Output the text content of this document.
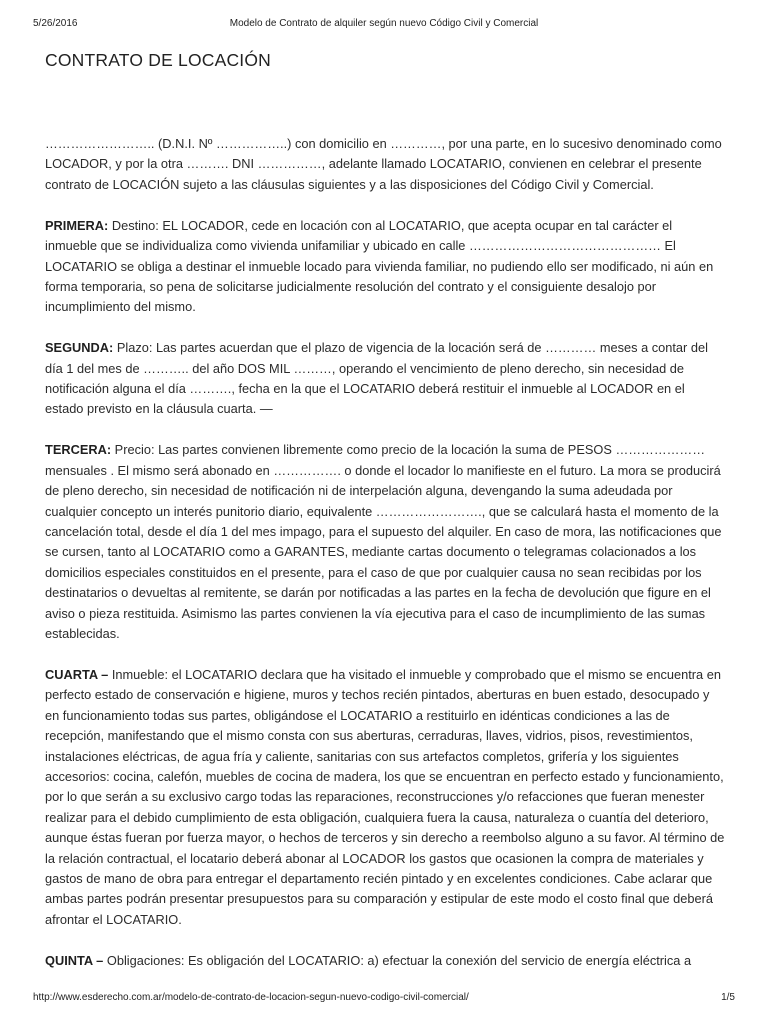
5/26/2016	Modelo de Contrato de alquiler según nuevo Código Civil y Comercial
CONTRATO DE LOCACIÓN

…………………….. (D.N.I. Nº ……………..) con domicilio en …………, por una parte, en lo sucesivo denominado como LOCADOR, y por la otra ………. DNI ……………, adelante llamado LOCATARIO, convienen en celebrar el presente contrato de LOCACIÓN sujeto a las cláusulas siguientes y a las disposiciones del Código Civil y Comercial.

PRIMERA: Destino: EL LOCADOR, cede en locación con al LOCATARIO, que acepta ocupar en tal carácter el inmueble que se individualiza como vivienda unifamiliar y ubicado en calle ……………………………………… El LOCATARIO se obliga a destinar el inmueble locado para vivienda familiar, no pudiendo ello ser modificado, ni aún en forma temporaria, so pena de solicitarse judicialmente resolución del contrato y el consiguiente desalojo por incumplimiento del mismo.

SEGUNDA: Plazo: Las partes acuerdan que el plazo de vigencia de la locación será de ………… meses a contar del día 1 del mes de ……….. del año DOS MIL ………, operando el vencimiento de pleno derecho, sin necesidad de notificación alguna el día ………., fecha en la que el LOCATARIO deberá restituir el inmueble al LOCADOR en el estado previsto en la cláusula cuarta. —

TERCERA: Precio: Las partes convienen libremente como precio de la locación la suma de PESOS ………………… mensuales . El mismo será abonado en ……………. o donde el locador lo manifieste en el futuro. La mora se producirá de pleno derecho, sin necesidad de notificación ni de interpelación alguna, devengando la suma adeudada por cualquier concepto un interés punitorio diario, equivalente ……………………., que se calculará hasta el momento de la cancelación total, desde el día 1 del mes impago, para el supuesto del alquiler. En caso de mora, las notificaciones que se cursen, tanto al LOCATARIO como a GARANTES, mediante cartas documento o telegramas colacionados a los domicilios especiales constituidos en el presente, para el caso de que por cualquier causa no sean recibidas por los destinatarios o devueltas al remitente, se darán por notificadas a las partes en la fecha de devolución que figure en el aviso o pieza restituida. Asimismo las partes convienen la vía ejecutiva para el caso de incumplimiento de las sumas establecidas.

CUARTA – Inmueble: el LOCATARIO declara que ha visitado el inmueble y comprobado que el mismo se encuentra en perfecto estado de conservación e higiene, muros y techos recién pintados, aberturas en buen estado, desocupado y en funcionamiento todas sus partes, obligándose el LOCATARIO a restituirlo en idénticas condiciones a las de recepción, manifestando que el mismo consta con sus aberturas, cerraduras, llaves, vidrios, pisos, revestimientos, instalaciones eléctricas, de agua fría y caliente, sanitarias con sus artefactos completos, grifería y los siguientes accesorios: cocina, calefón, muebles de cocina de madera, los que se encuentran en perfecto estado y funcionamiento, por lo que serán a su exclusivo cargo todas las reparaciones, reconstrucciones y/o refacciones que fueran menester realizar para el debido cumplimiento de esta obligación, cualquiera fuera la causa, naturaleza o cuantía del deterioro, aunque éstas fueran por fuerza mayor, o hechos de terceros y sin derecho a reembolso alguno a su favor. Al término de la relación contractual, el locatario deberá abonar al LOCADOR los gastos que ocasionen la compra de materiales y gastos de mano de obra para entregar el departamento recién pintado y en excelentes condiciones. Cabe aclarar que ambas partes podrán presentar presupuestos para su comparación y estipular de este modo el costo final que deberá afrontar el LOCATARIO.

QUINTA – Obligaciones: Es obligación del LOCATARIO: a) efectuar la conexión del servicio de energía eléctrica a

http://www.esderecho.com.ar/modelo-de-contrato-de-locacion-segun-nuevo-codigo-civil-comercial/	1/5
